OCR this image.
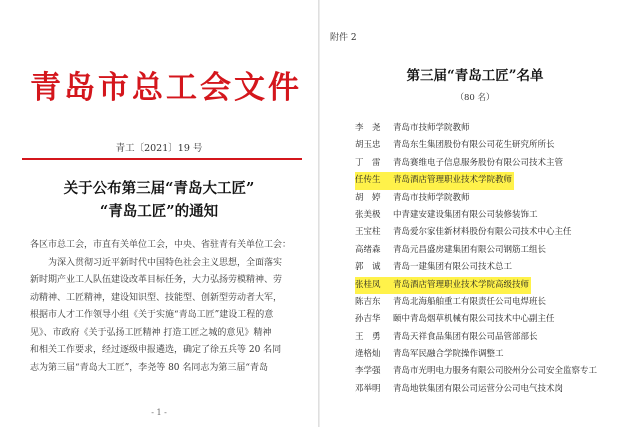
青岛市总工会文件
青工〔2021〕19 号
关于公布第三届“青岛大工匠”
“青岛工匠”的通知
各区市总工会，市直有关单位工会，中央、省驻青有关单位工会：
为深入贯彻习近平新时代中国特色社会主义思想，全面落实
新时期产业工人队伍建设改革目标任务，大力弘扬劳模精神、劳
动精神、工匠精神，建设知识型、技能型、创新型劳动者大军，
根据市人才工作领导小组《关于实施“青岛工匠”建设工程的意
见》、市政府《关于弘扬工匠精神 打造工匠之城的意见》精神
和相关工作要求，经过逐级申报遴选，确定了徐五兵等 20 名同
志为第三届“青岛大工匠”，李尧等 80 名同志为第三届“青岛
- 1 -
附件 2
第三届“青岛工匠”名单
（80 名）
李　尧	青岛市技师学院教师
胡玉忠	青岛东生集团股份有限公司花生研究所所长
丁　雷	青岛赛维电子信息服务股份有限公司技术主管
任传生	青岛酒店管理职业技术学院教师
胡　婷	青岛市技师学院教师
张美极	中青建安建设集团有限公司装修装饰工
王宝柱	青岛爱尔家佳新材料股份有限公司技术中心主任
高绪森	青岛元昌盛房建集团有限公司钢筋工组长
郭　诚	青岛一建集团有限公司技术总工
张桂凤	青岛酒店管理职业技术学院高级技师
陈吉东	青岛北海船舶重工有限责任公司电焊班长
孙吉华	颐中青岛烟草机械有限公司技术中心副主任
王　勇	青岛天祥食品集团有限公司品管部部长
逄格灿	青岛军民融合学院操作调整工
李学强	青岛市光明电力服务有限公司胶州分公司安全监察专工
邓举明	青岛地铁集团有限公司运营分公司电气技术岗
